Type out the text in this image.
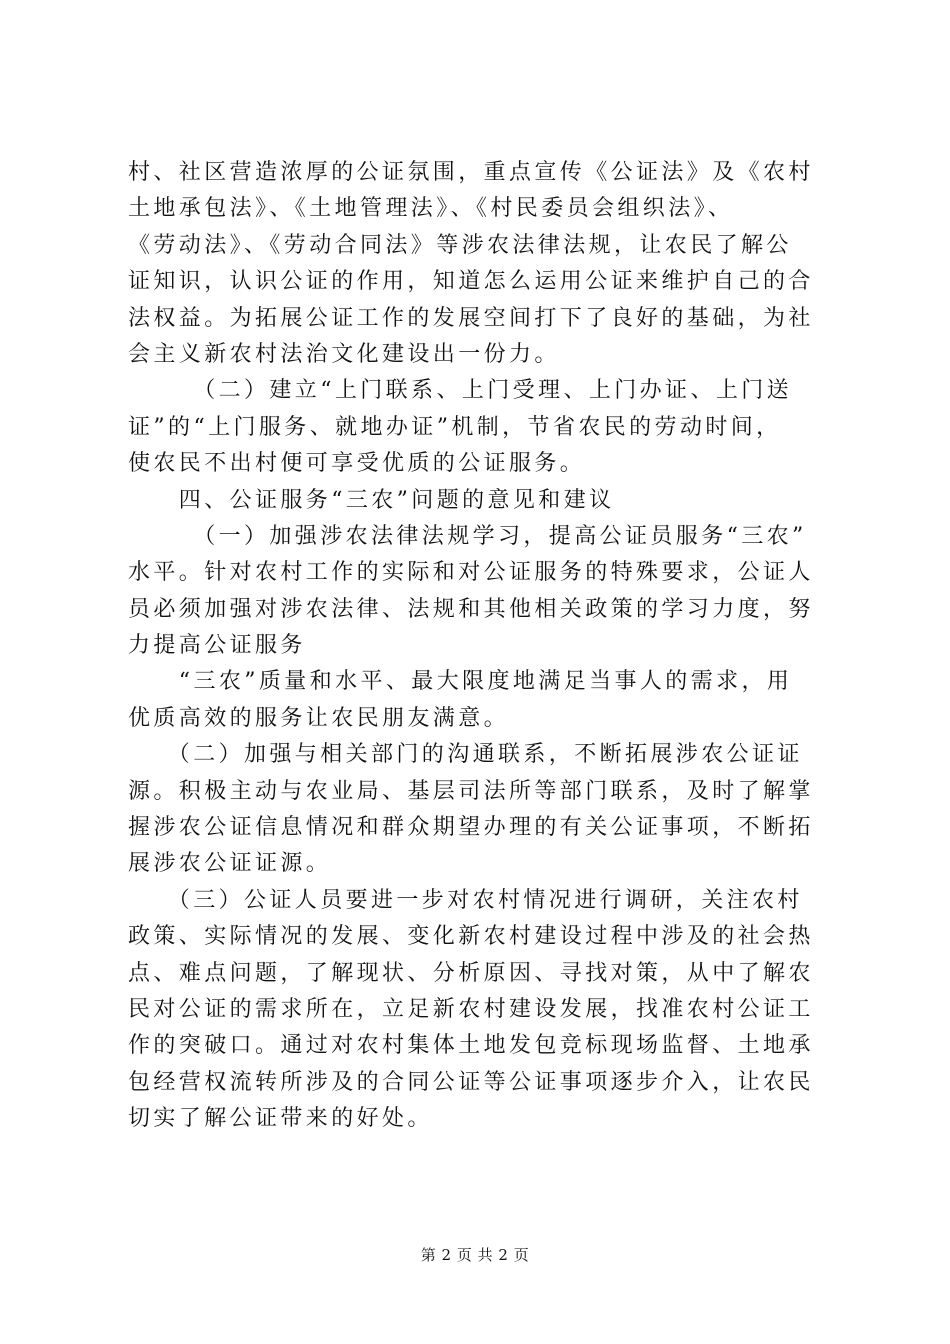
村、社区营造浓厚的公证氛围，重点宣传《公证法》及《农村
土地承包法》、《土地管理法》、《村民委员会组织法》、
《劳动法》、《劳动合同法》等涉农法律法规，让农民了解公
证知识，认识公证的作用，知道怎么运用公证来维护自己的合
法权益。为拓展公证工作的发展空间打下了良好的基础，为社
会主义新农村法治文化建设出一份力。
　　　（二）建立“上门联系、上门受理、上门办证、上门送
证”的“上门服务、就地办证”机制，节省农民的劳动时间，
使农民不出村便可享受优质的公证服务。
　　四、公证服务“三农”问题的意见和建议
　　　（一）加强涉农法律法规学习，提高公证员服务“三农”
水平。针对农村工作的实际和对公证服务的特殊要求，公证人
员必须加强对涉农法律、法规和其他相关政策的学习力度，努
力提高公证服务
　　“三农”质量和水平、最大限度地满足当事人的需求，用
优质高效的服务让农民朋友满意。
　　（二）加强与相关部门的沟通联系，不断拓展涉农公证证
源。积极主动与农业局、基层司法所等部门联系，及时了解掌
握涉农公证信息情况和群众期望办理的有关公证事项，不断拓
展涉农公证证源。
　　（三）公证人员要进一步对农村情况进行调研，关注农村
政策、实际情况的发展、变化新农村建设过程中涉及的社会热
点、难点问题，了解现状、分析原因、寻找对策，从中了解农
民对公证的需求所在，立足新农村建设发展，找准农村公证工
作的突破口。通过对农村集体土地发包竞标现场监督、土地承
包经营权流转所涉及的合同公证等公证事项逐步介入，让农民
切实了解公证带来的好处。
第 2 页 共 2 页
